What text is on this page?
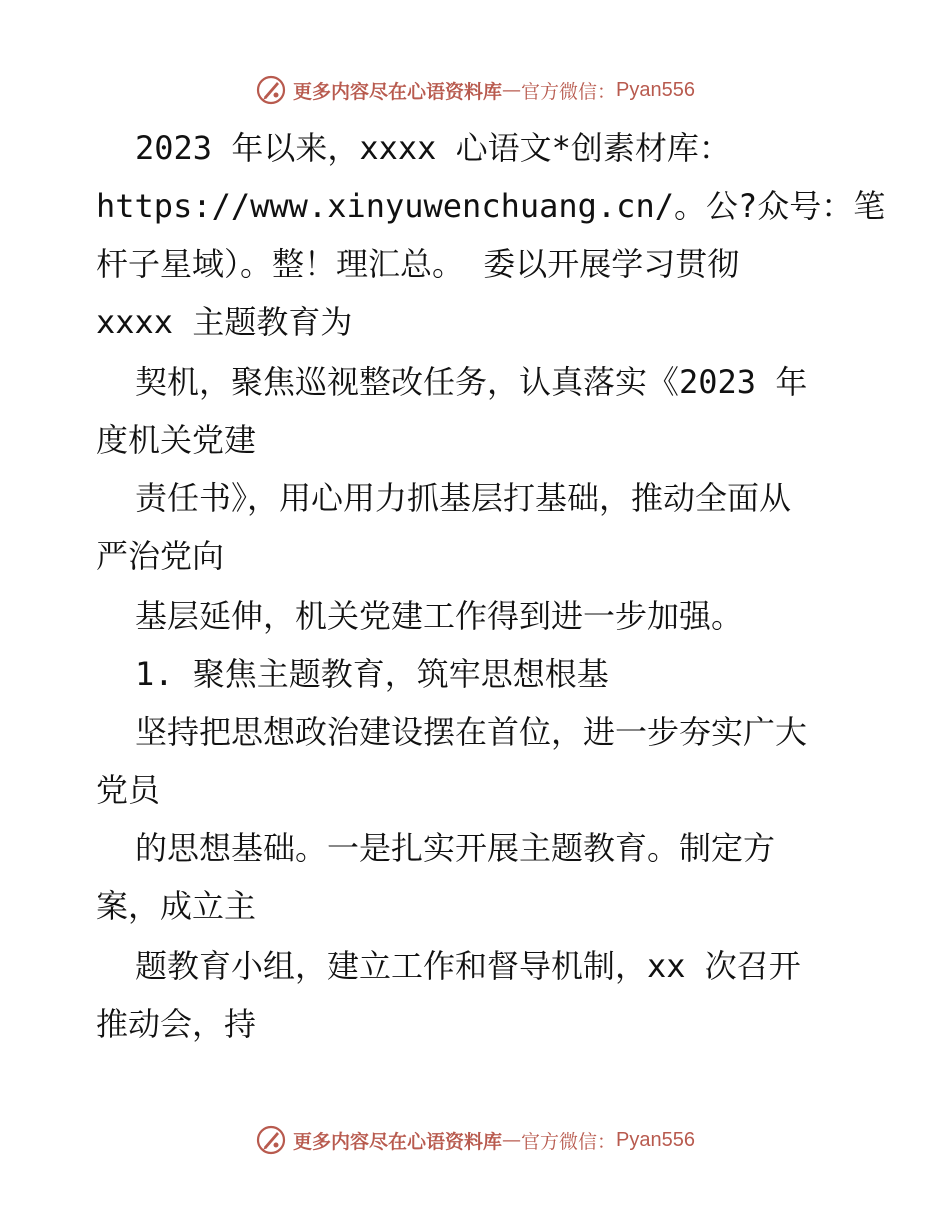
更多内容尽在心语资料库 — 官方微信： Pyan556
2023 年以来，xxxx 心语文*创素材库：
https://www.xinyuwenchuang.cn/。公?众号：笔
杆子星域）。整！理汇总。 委以开展学习贯彻
xxxx 主题教育为
契机，聚焦巡视整改任务，认真落实《2023 年
度机关党建
责任书》，用心用力抓基层打基础，推动全面从
严治党向
基层延伸，机关党建工作得到进一步加强。
1. 聚焦主题教育，筑牢思想根基
坚持把思想政治建设摆在首位，进一步夯实广大
党员
的思想基础。一是扎实开展主题教育。制定方
案，成立主
题教育小组，建立工作和督导机制，xx 次召开
推动会，持
更多内容尽在心语资料库 — 官方微信： Pyan556
